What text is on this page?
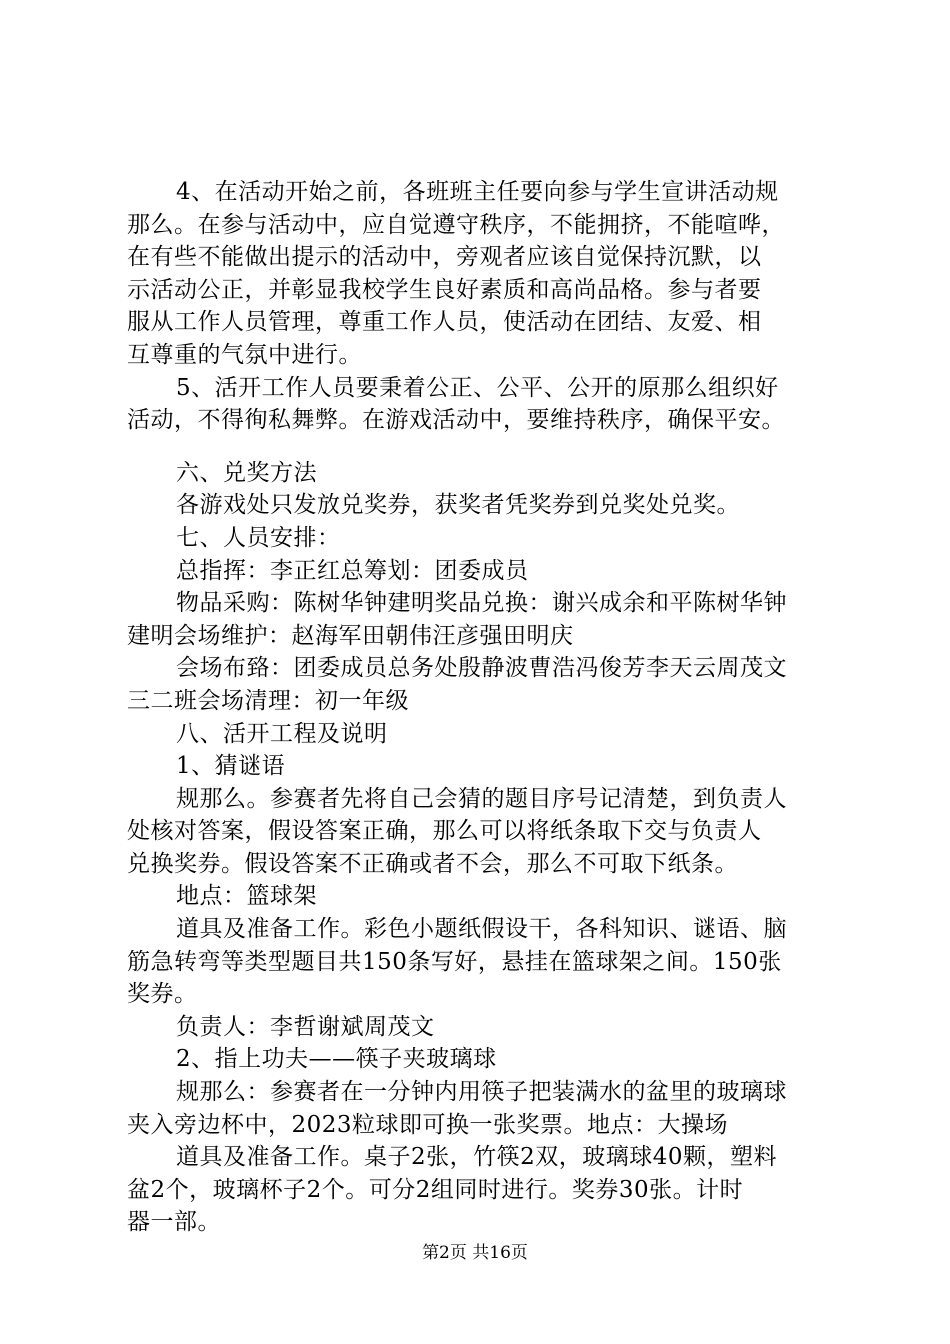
4、在活动开始之前，各班班主任要向参与学生宣讲活动规
那么。在参与活动中，应自觉遵守秩序，不能拥挤，不能喧哗，
在有些不能做出提示的活动中，旁观者应该自觉保持沉默，以
示活动公正，并彰显我校学生良好素质和高尚品格。参与者要
服从工作人员管理，尊重工作人员，使活动在团结、友爱、相
互尊重的气氛中进行。
5、活开工作人员要秉着公正、公平、公开的原那么组织好
活动，不得徇私舞弊。在游戏活动中，要维持秩序，确保平安。
六、兑奖方法
各游戏处只发放兑奖券，获奖者凭奖券到兑奖处兑奖。
七、人员安排：
总指挥：李正红总筹划：团委成员
物品采购：陈树华钟建明奖品兑换：谢兴成余和平陈树华钟
建明会场维护：赵海军田朝伟汪彦强田明庆
会场布臵：团委成员总务处殷静波曹浩冯俊芳李天云周茂文
三二班会场清理：初一年级
八、活开工程及说明
1、猜谜语
规那么。参赛者先将自己会猜的题目序号记清楚，到负责人
处核对答案，假设答案正确，那么可以将纸条取下交与负责人
兑换奖券。假设答案不正确或者不会，那么不可取下纸条。
地点：篮球架
道具及准备工作。彩色小题纸假设干，各科知识、谜语、脑
筋急转弯等类型题目共150条写好，悬挂在篮球架之间。150张
奖券。
负责人：李哲谢斌周茂文
2、指上功夫——筷子夹玻璃球
规那么：参赛者在一分钟内用筷子把装满水的盆里的玻璃球
夹入旁边杯中，2023粒球即可换一张奖票。地点：大操场
道具及准备工作。桌子2张，竹筷2双，玻璃球40颗，塑料
盆2个，玻璃杯子2个。可分2组同时进行。奖券30张。计时
器一部。
第2页 共16页
